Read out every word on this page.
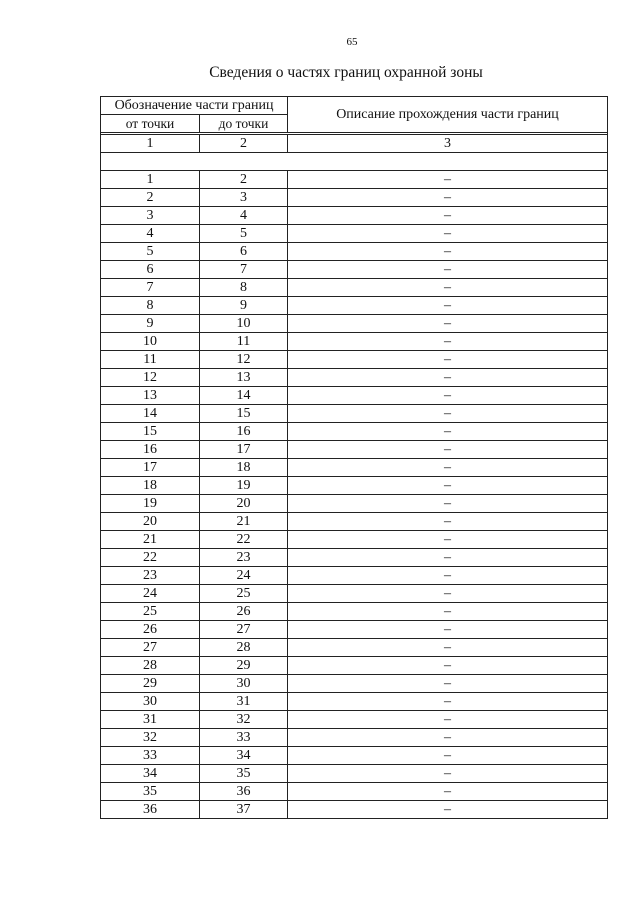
65
Сведения о частях границ охранной зоны
Обозначение части границ		Описание прохождения части границ
от точки	до точки	

1	2	3

1	2	–
2	3	–
3	4	–
4	5	–
5	6	–
6	7	–
7	8	–
8	9	–
9	10	–
10	11	–
11	12	–
12	13	–
13	14	–
14	15	–
15	16	–
16	17	–
17	18	–
18	19	–
19	20	–
20	21	–
21	22	–
22	23	–
23	24	–
24	25	–
25	26	–
26	27	–
27	28	–
28	29	–
29	30	–
30	31	–
31	32	–
32	33	–
33	34	–
34	35	–
35	36	–
36	37	–
